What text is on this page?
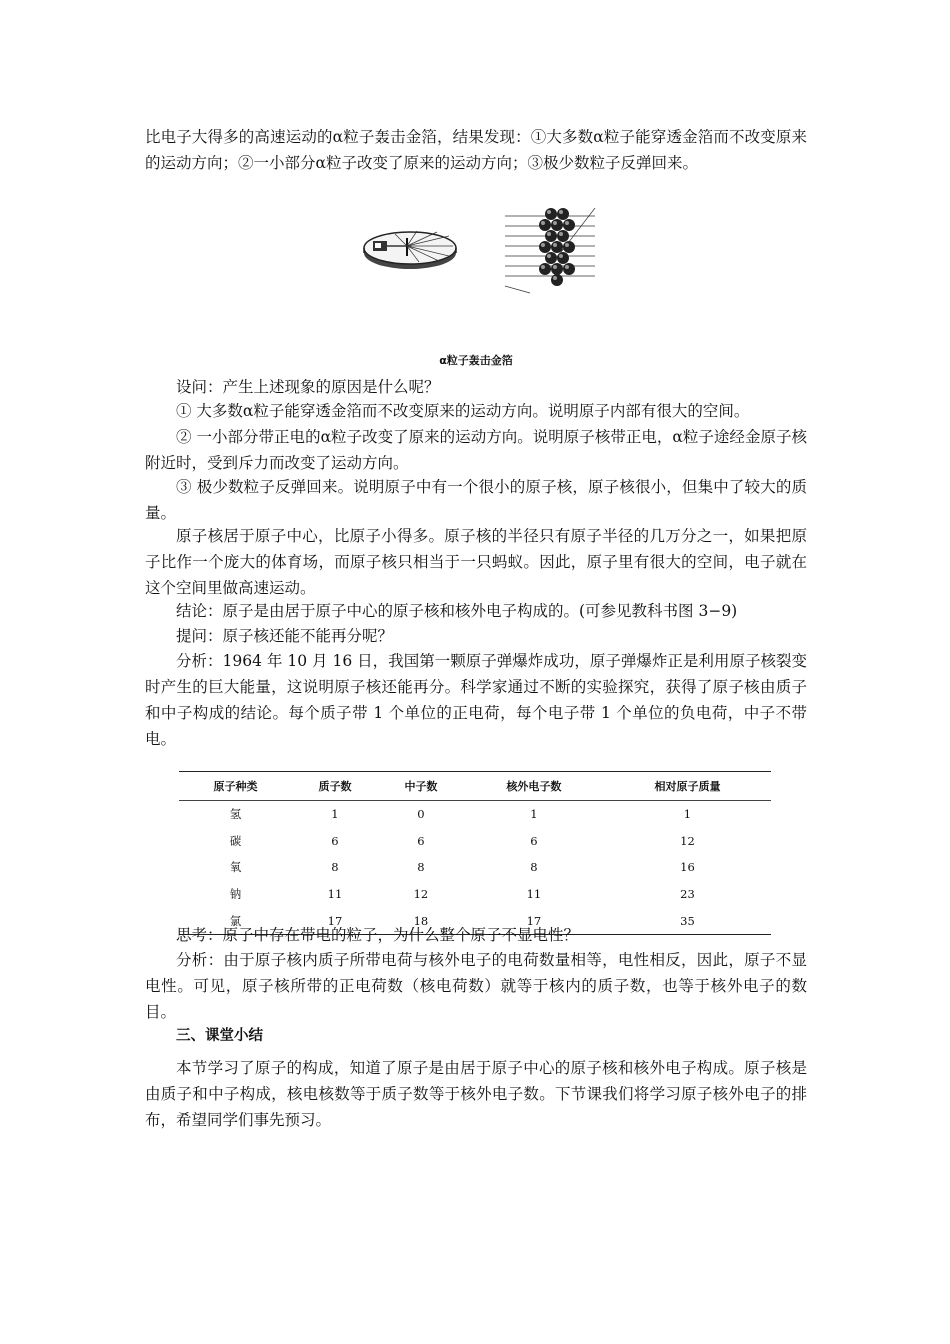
比电子大得多的高速运动的α粒子轰击金箔，结果发现：①大多数α粒子能穿透金箔而不改变原来的运动方向；②一小部分α粒子改变了原来的运动方向；③极少数粒子反弹回来。

α粒子轰击金箔

设问：产生上述现象的原因是什么呢？

① 大多数α粒子能穿透金箔而不改变原来的运动方向。说明原子内部有很大的空间。

② 一小部分带正电的α粒子改变了原来的运动方向。说明原子核带正电，α粒子途经金原子核附近时，受到斥力而改变了运动方向。

③ 极少数粒子反弹回来。说明原子中有一个很小的原子核，原子核很小，但集中了较大的质量。

原子核居于原子中心，比原子小得多。原子核的半径只有原子半径的几万分之一，如果把原子比作一个庞大的体育场，而原子核只相当于一只蚂蚁。因此，原子里有很大的空间，电子就在这个空间里做高速运动。

结论：原子是由居于原子中心的原子核和核外电子构成的。(可参见教科书图 3−9)

提问：原子核还能不能再分呢？

分析：1964 年 10 月 16 日，我国第一颗原子弹爆炸成功，原子弹爆炸正是利用原子核裂变时产生的巨大能量，这说明原子核还能再分。科学家通过不断的实验探究，获得了原子核由质子和中子构成的结论。每个质子带 1 个单位的正电荷，每个电子带 1 个单位的负电荷，中子不带电。

原子种类	质子数	中子数	核外电子数	相对原子质量
氢	1	0	1	1
碳	6	6	6	12
氧	8	8	8	16
钠	11	12	11	23
氯	17	18	17	35

思考：原子中存在带电的粒子，为什么整个原子不显电性？

分析：由于原子核内质子所带电荷与核外电子的电荷数量相等，电性相反，因此，原子不显电性。可见，原子核所带的正电荷数（核电荷数）就等于核内的质子数，也等于核外电子的数目。

三、课堂小结

本节学习了原子的构成，知道了原子是由居于原子中心的原子核和核外电子构成。原子核是由质子和中子构成，核电核数等于质子数等于核外电子数。下节课我们将学习原子核外电子的排布，希望同学们事先预习。
